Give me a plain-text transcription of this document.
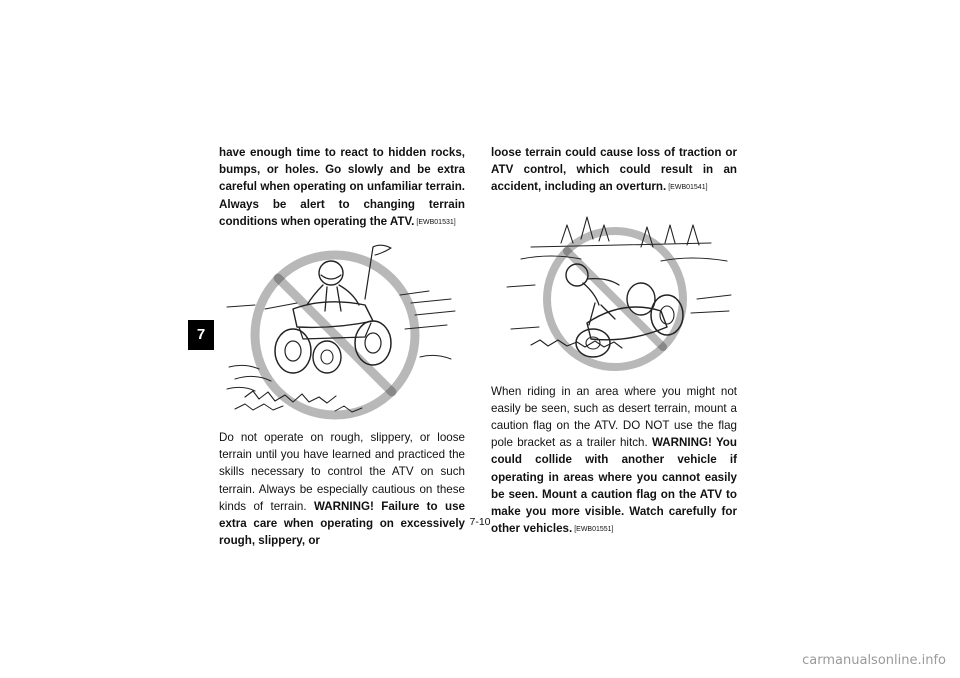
7

have enough time to react to hidden rocks, bumps, or holes. Go slowly and be extra careful when operating on unfamiliar terrain. Always be alert to changing terrain conditions when operating the ATV. [EWB01531]

Do not operate on rough, slippery, or loose terrain until you have learned and practiced the skills necessary to control the ATV on such terrain. Always be especially cautious on these kinds of terrain. WARNING! Failure to use extra care when operating on excessively rough, slippery, or

loose terrain could cause loss of traction or ATV control, which could result in an accident, including an overturn. [EWB01541]

When riding in an area where you might not easily be seen, such as desert terrain, mount a caution flag on the ATV. DO NOT use the flag pole bracket as a trailer hitch. WARNING! You could collide with another vehicle if operating in areas where you cannot easily be seen. Mount a caution flag on the ATV to make you more visible. Watch carefully for other vehicles. [EWB01551]

7-10
carmanualsonline.info
